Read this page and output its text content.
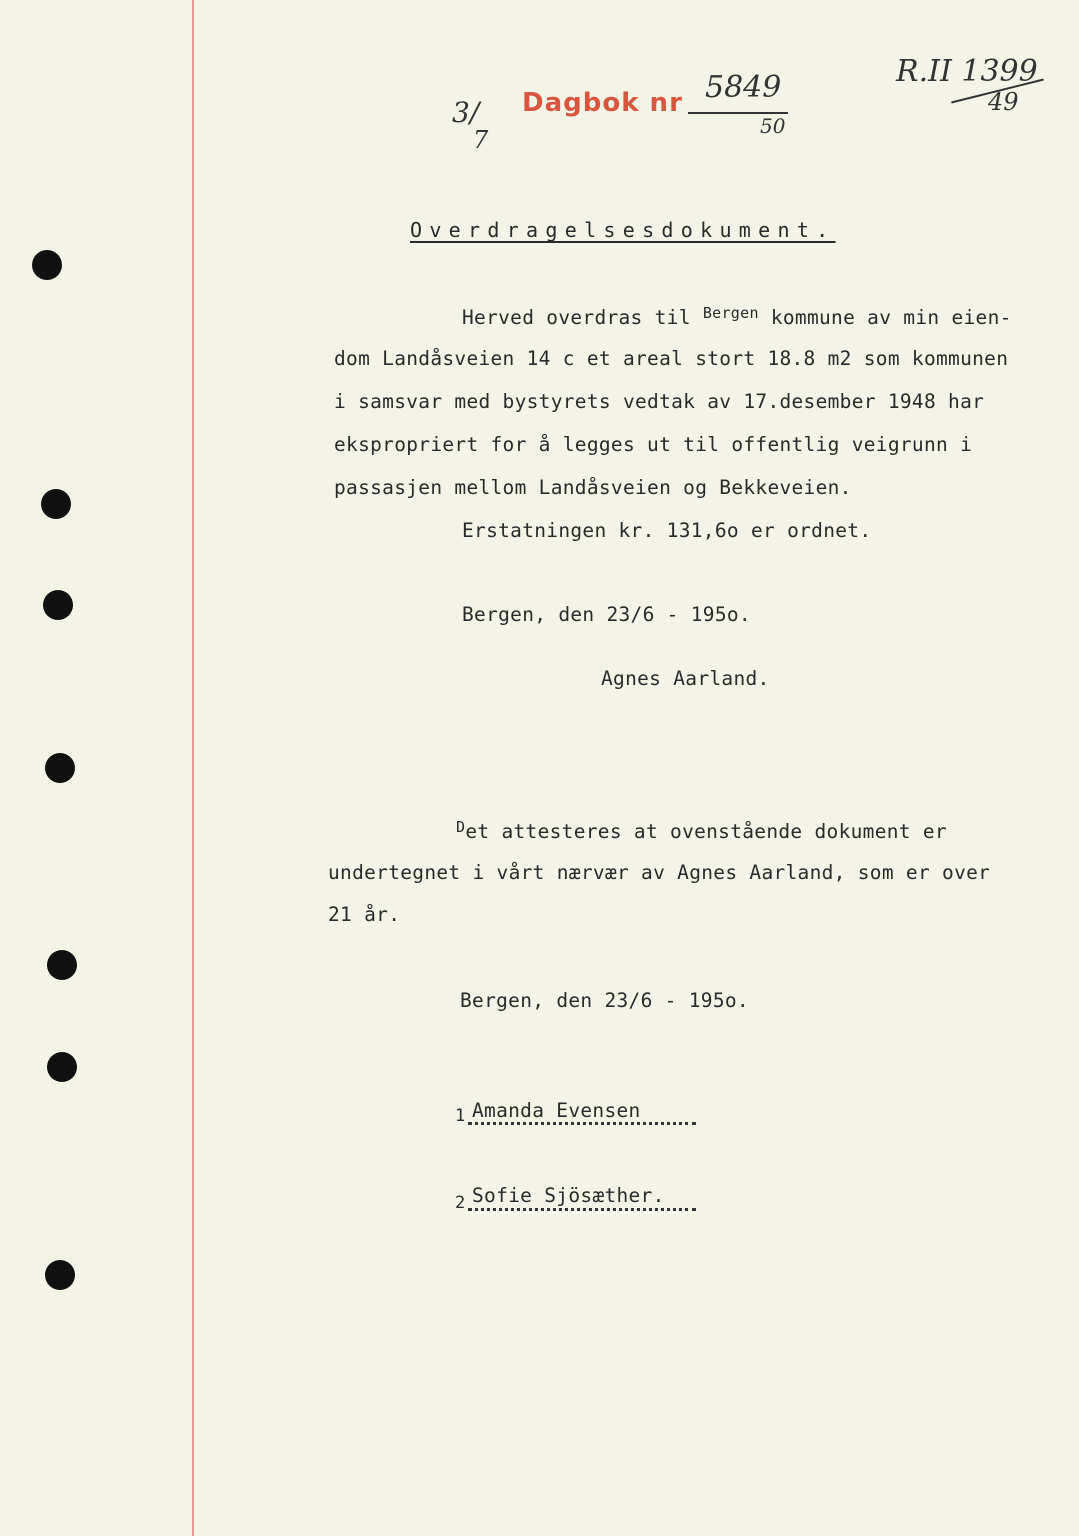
3/
7
Dagbok nr 5849
50
R.II 1399
49
Overdragelsesdokument.
Herved overdras til $^{Bergen}$ kommune av min eien-
dom Landåsveien 14 c et areal stort 18.8 m2 som kommunen
i samsvar med bystyrets vedtak av 17.desember 1948 har
ekspropriert for å legges ut til offentlig veigrunn i
passasjen mellom Landåsveien og Bekkeveien.
Erstatningen kr. 131,6o er ordnet.
Bergen, den 23/6 - 195o.
Agnes Aarland.
$^D$et attesteres at ovenstående dokument er
undertegnet i vårt nærvær av Agnes Aarland, som er over
21 år.
Bergen, den 23/6 - 195o.
1 Amanda Evensen
2 Sofie Sjösæther.
